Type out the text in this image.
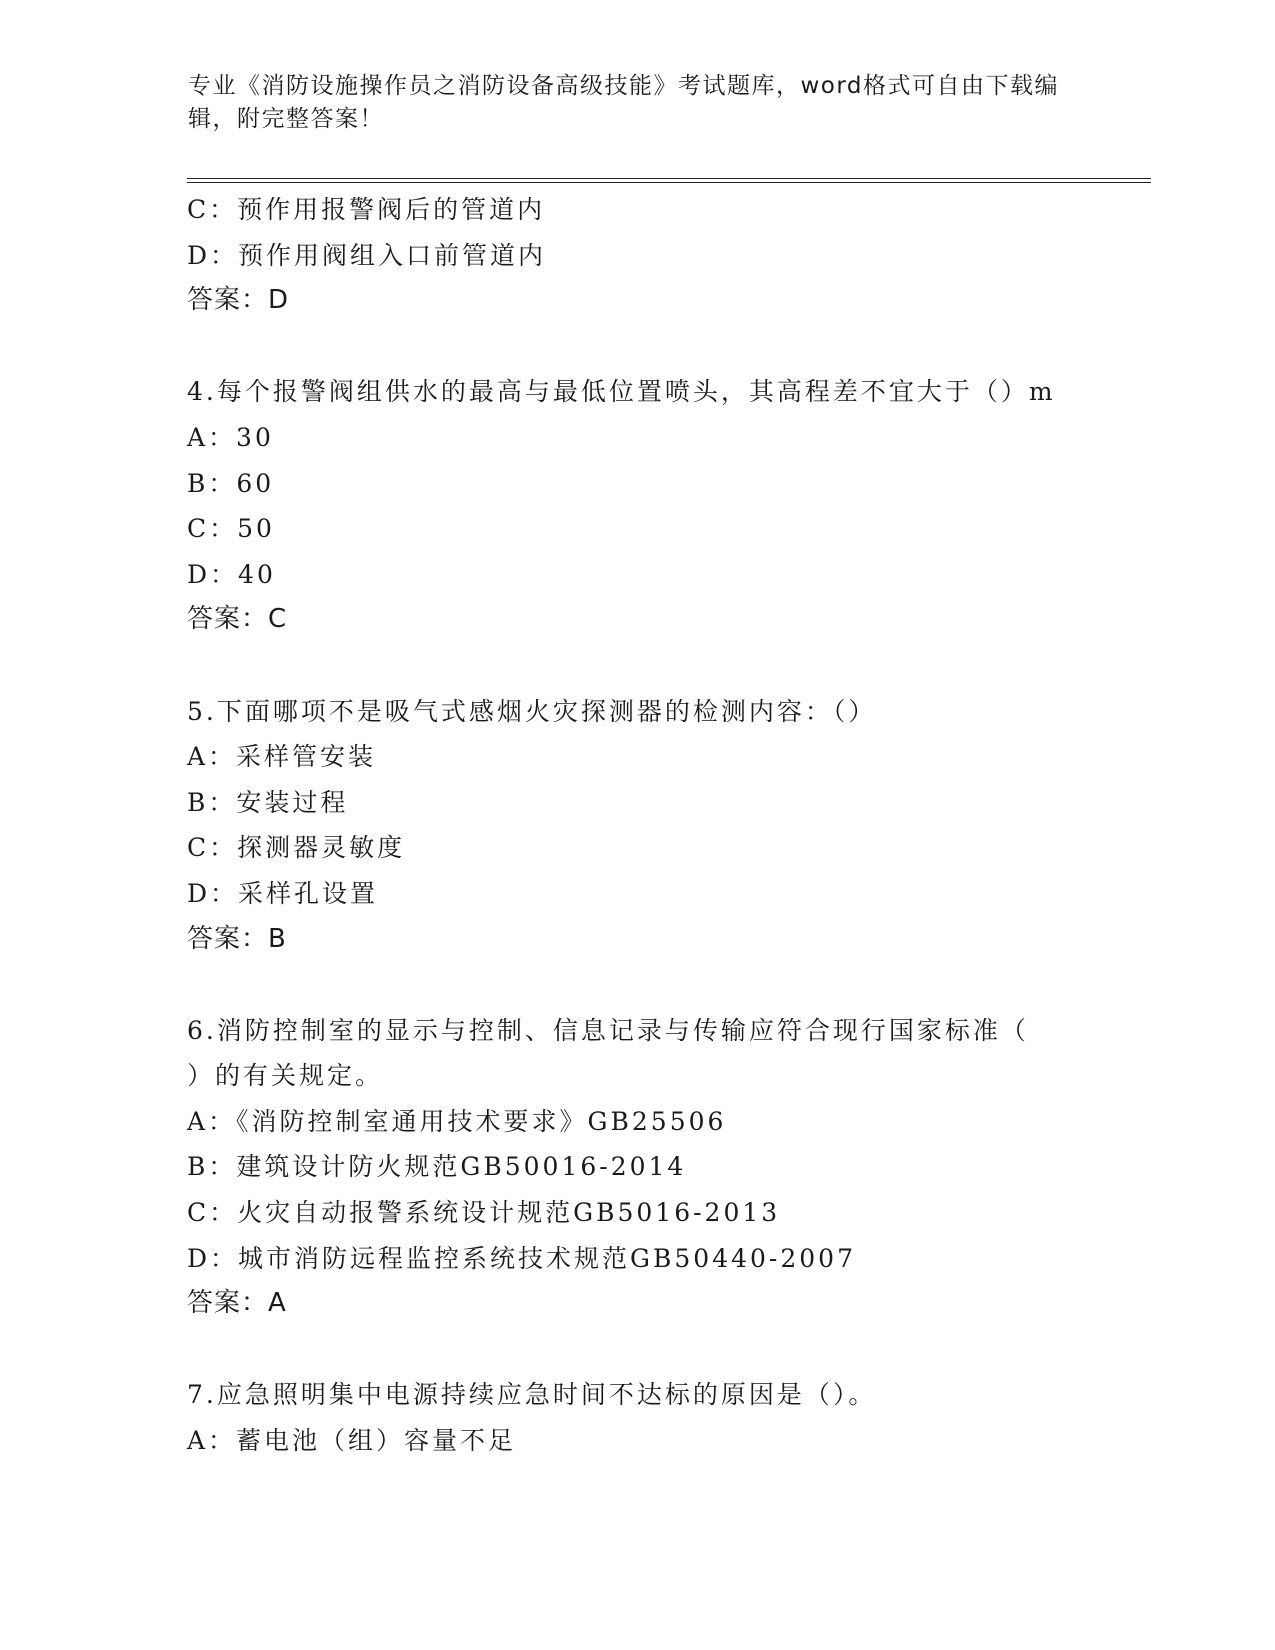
专业《消防设施操作员之消防设备高级技能》考试题库，word格式可自由下载编
辑，附完整答案！
C：预作用报警阀后的管道内
D：预作用阀组入口前管道内
答案：D
4.每个报警阀组供水的最高与最低位置喷头，其高程差不宜大于（）m
A：30
B：60
C：50
D：40
答案：C
5.下面哪项不是吸气式感烟火灾探测器的检测内容：（）
A：采样管安装
B：安装过程
C：探测器灵敏度
D：采样孔设置
答案：B
6.消防控制室的显示与控制、信息记录与传输应符合现行国家标准（
）的有关规定。
A：《消防控制室通用技术要求》GB25506
B：建筑设计防火规范GB50016-2014
C：火灾自动报警系统设计规范GB5016-2013
D：城市消防远程监控系统技术规范GB50440-2007
答案：A
7.应急照明集中电源持续应急时间不达标的原因是（）。
A：蓄电池（组）容量不足
